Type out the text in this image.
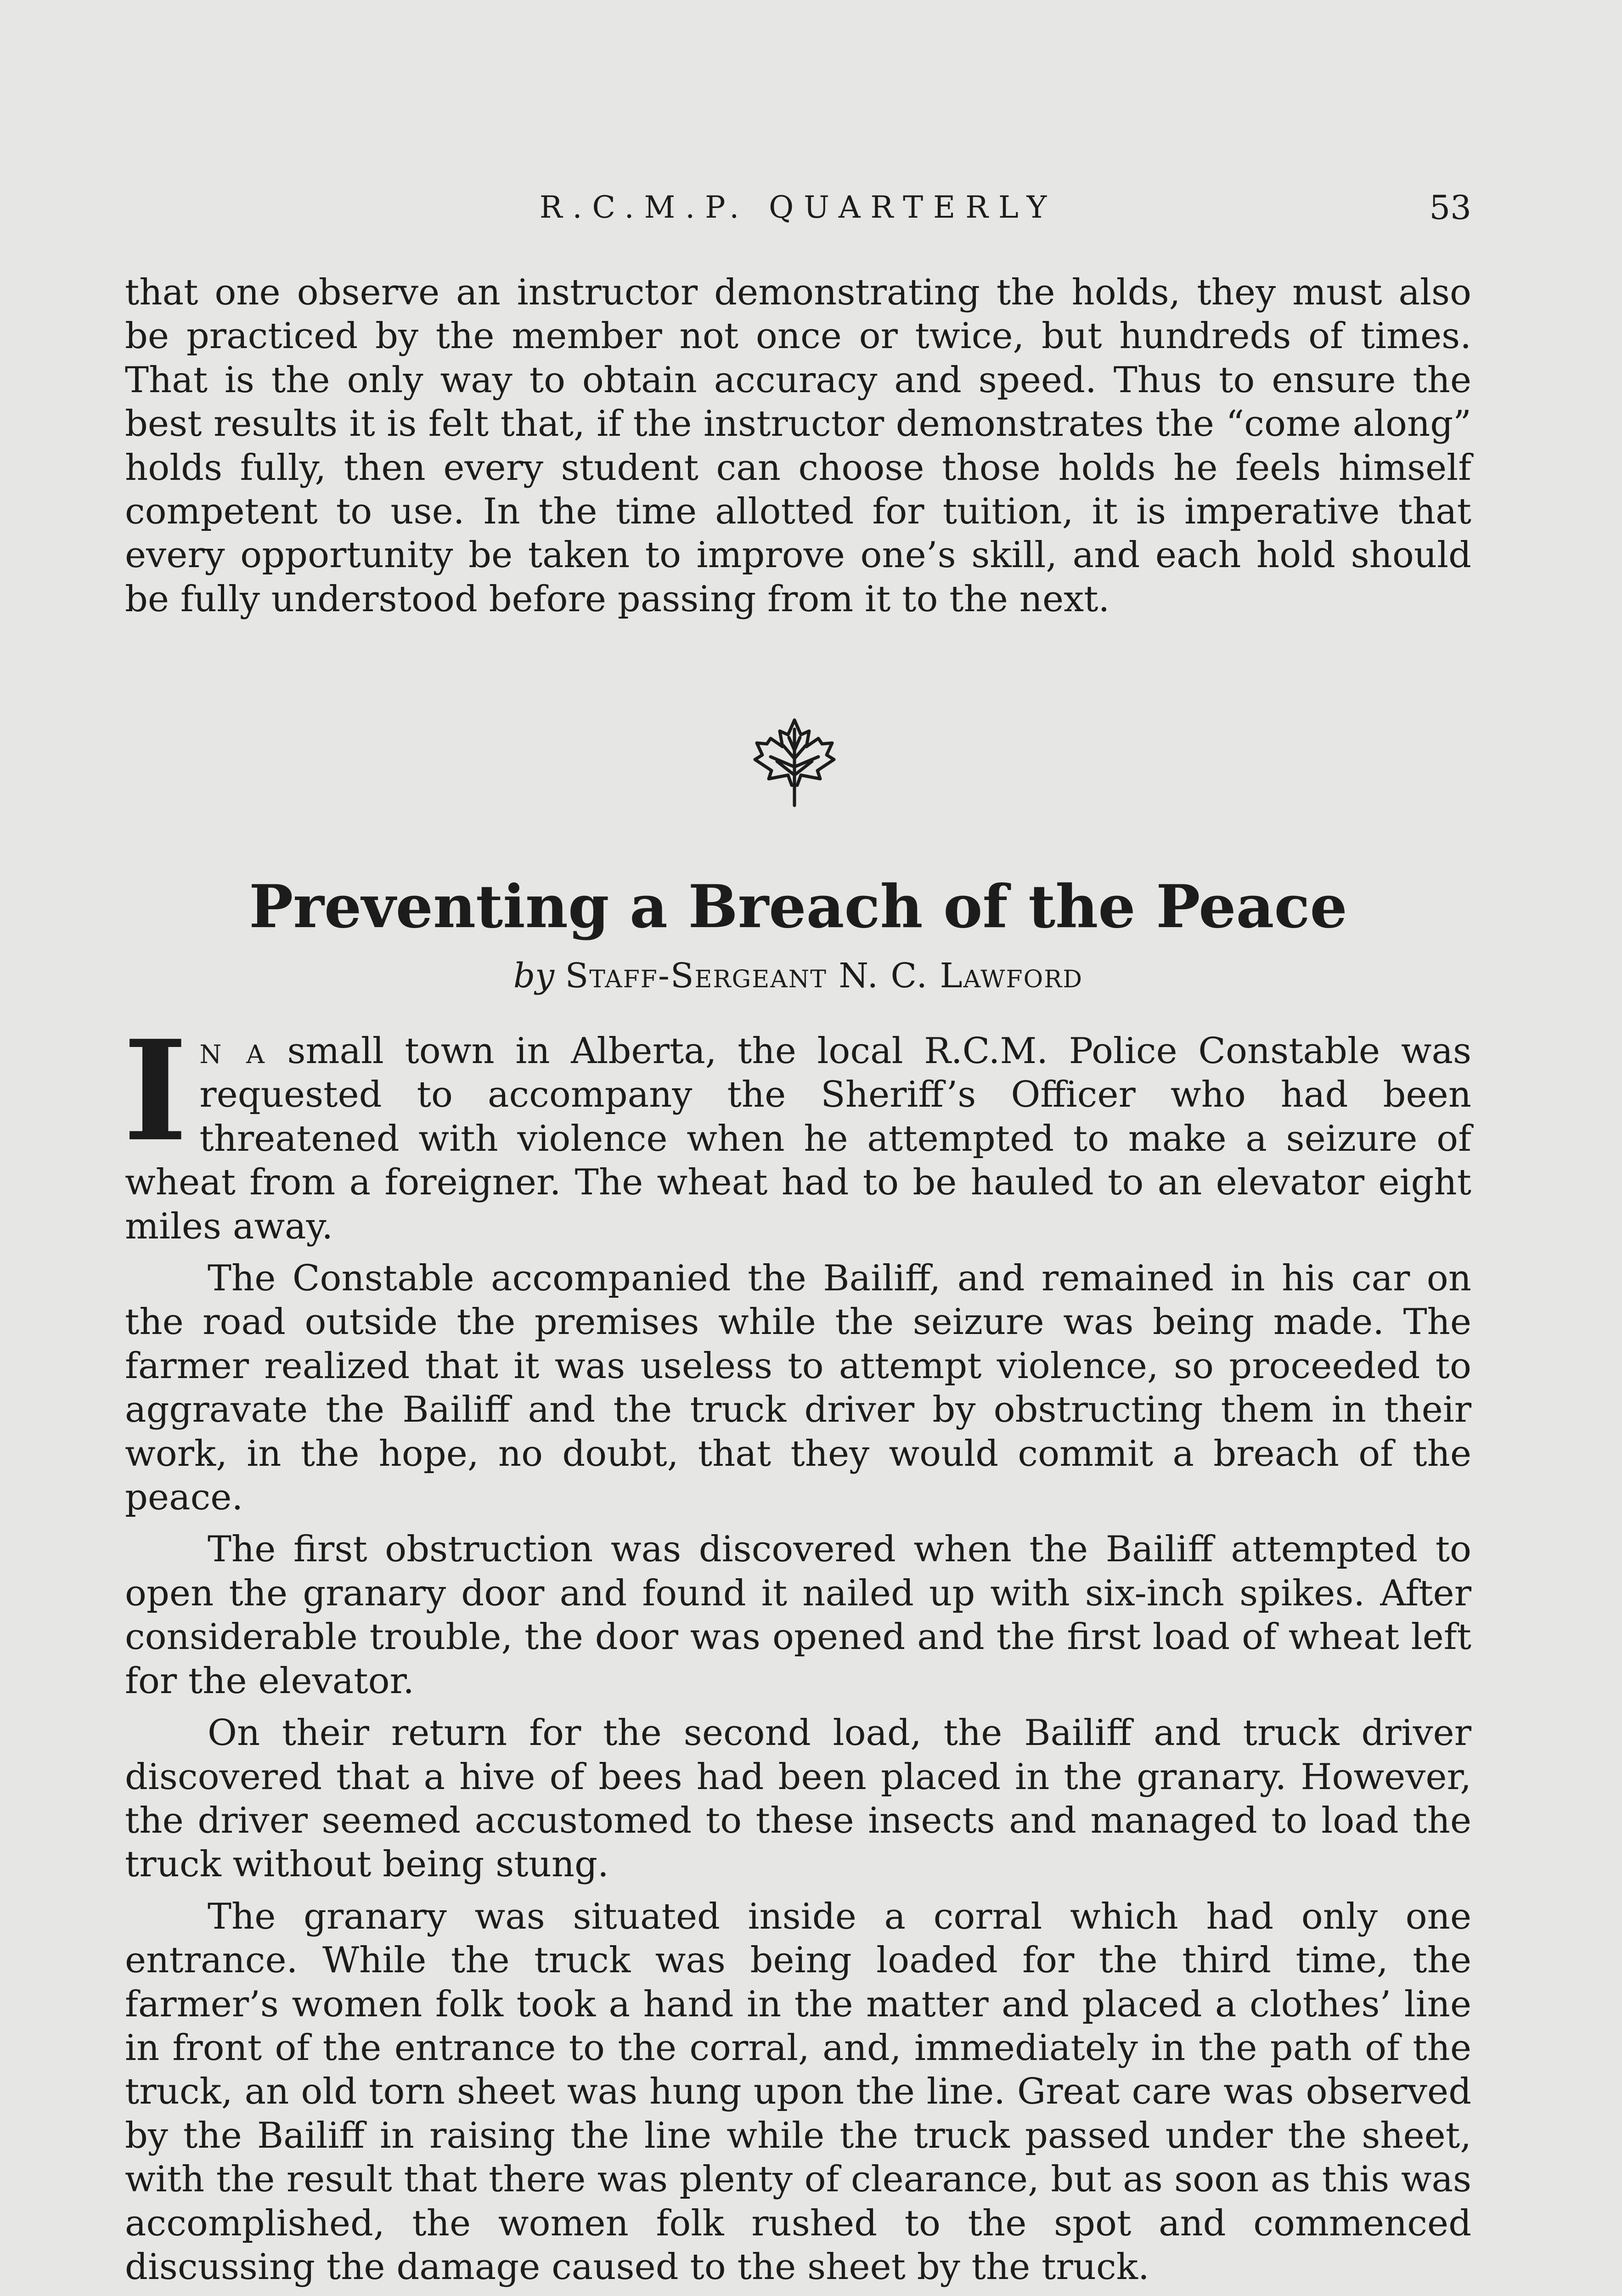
R.C.M.P. QUARTERLY	53

that one observe an instructor demonstrating the holds, they must also be practiced by the member not once or twice, but hundreds of times. That is the only way to obtain accuracy and speed. Thus to ensure the best results it is felt that, if the instructor demonstrates the “come along” holds fully, then every student can choose those holds he feels himself competent to use. In the time allotted for tuition, it is imperative that every opportunity be taken to improve one’s skill, and each hold should be fully understood before passing from it to the next.

Preventing a Breach of the Peace
by Staff-Sergeant N. C. Lawford

In a small town in Alberta, the local R.C.M. Police Constable was requested to accompany the Sheriff’s Officer who had been threatened with violence when he attempted to make a seizure of wheat from a foreigner. The wheat had to be hauled to an elevator eight miles away.

The Constable accompanied the Bailiff, and remained in his car on the road outside the premises while the seizure was being made. The farmer realized that it was useless to attempt violence, so proceeded to aggravate the Bailiff and the truck driver by obstructing them in their work, in the hope, no doubt, that they would commit a breach of the peace.

The first obstruction was discovered when the Bailiff attempted to open the granary door and found it nailed up with six-inch spikes. After considerable trouble, the door was opened and the first load of wheat left for the elevator.

On their return for the second load, the Bailiff and truck driver discovered that a hive of bees had been placed in the granary. However, the driver seemed accustomed to these insects and managed to load the truck without being stung.

The granary was situated inside a corral which had only one entrance. While the truck was being loaded for the third time, the farmer’s women folk took a hand in the matter and placed a clothes’ line in front of the entrance to the corral, and, immediately in the path of the truck, an old torn sheet was hung upon the line. Great care was observed by the Bailiff in raising the line while the truck passed under the sheet, with the result that there was plenty of clearance, but as soon as this was accomplished, the women folk rushed to the spot and commenced discussing the damage caused to the sheet by the truck.
